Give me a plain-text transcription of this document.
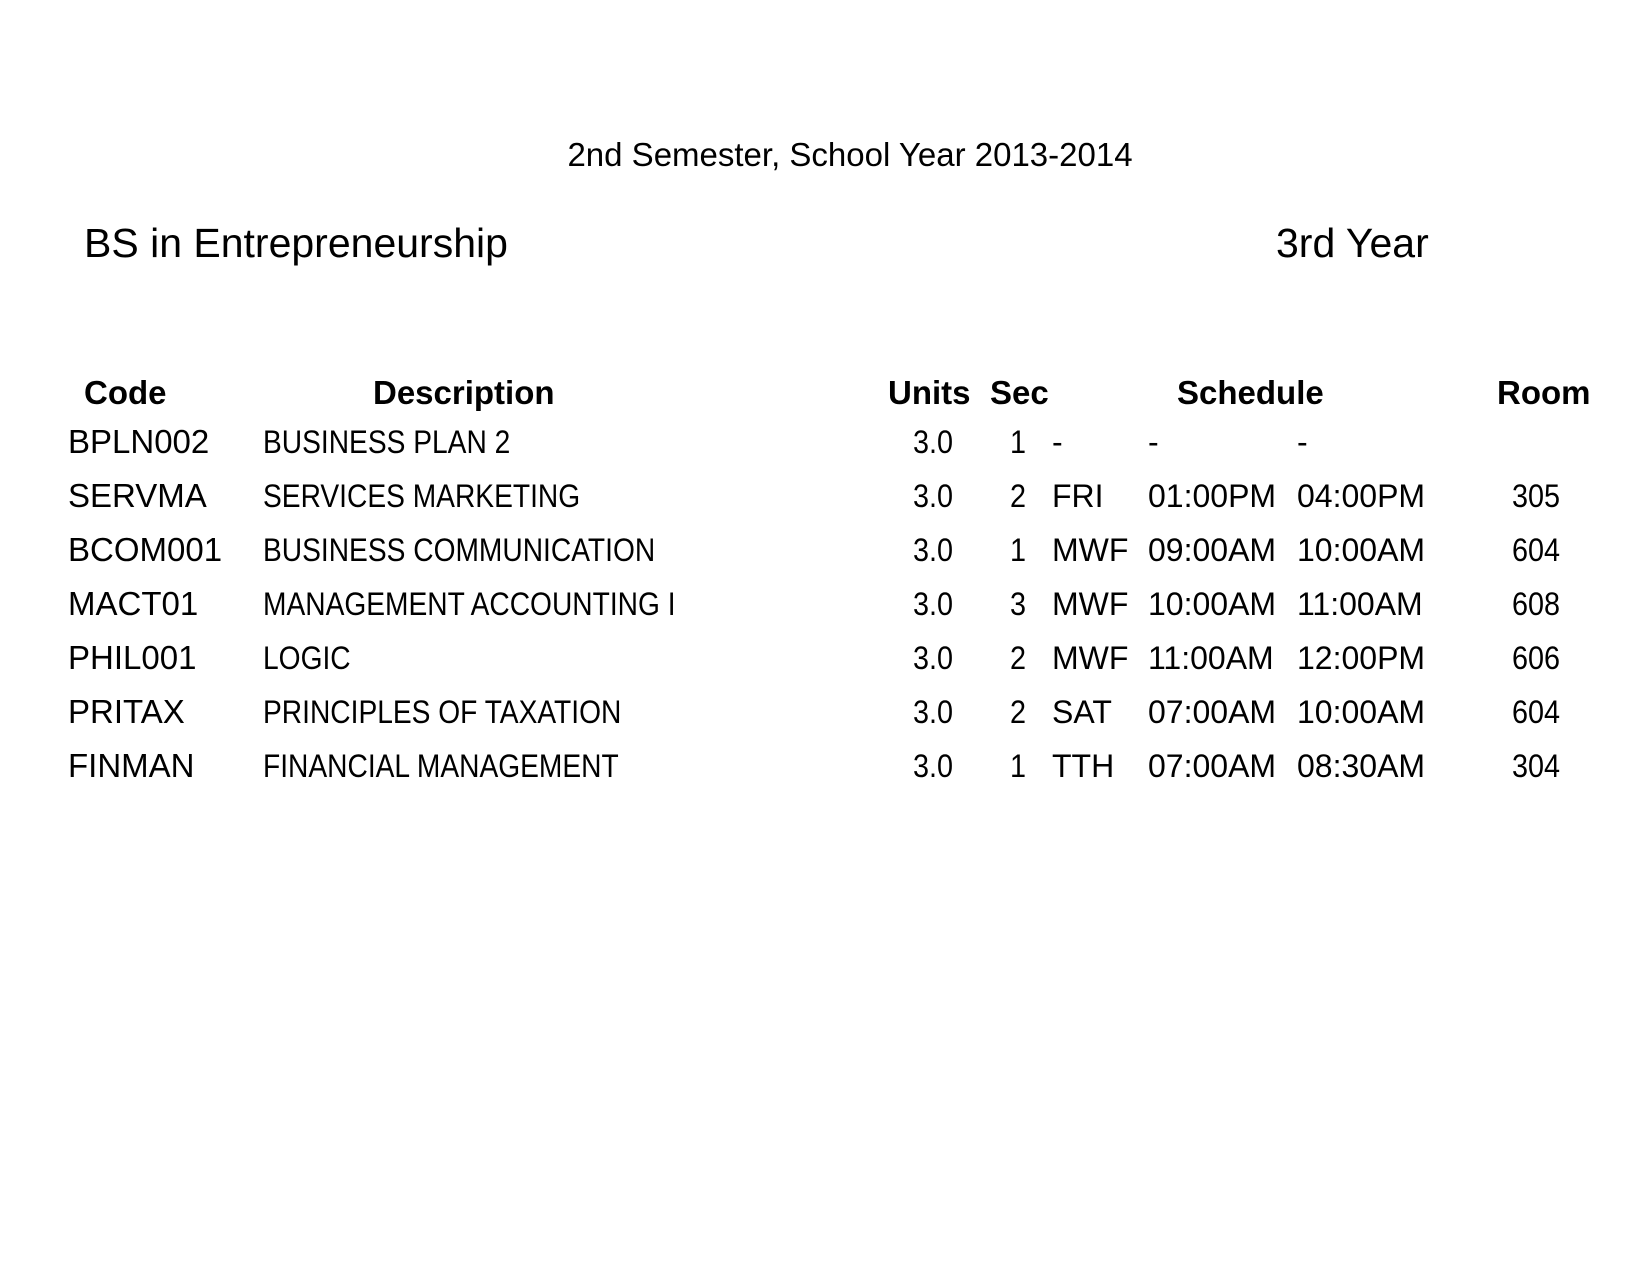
2nd Semester, School Year 2013-2014
BS in Entrepreneurship	3rd Year
Code	Description	Units Sec	Schedule	Room
BPLN002 BUSINESS PLAN 2	3.0 1 -	-	-
SERVMA SERVICES MARKETING	3.0 2 FRI 01:00PM 04:00PM	305
BCOM001 BUSINESS COMMUNICATION	3.0 1 MWF 09:00AM 10:00AM	604
MACT01 MANAGEMENT ACCOUNTING I	3.0 3 MWF 10:00AM 11:00AM	608
PHIL001 LOGIC	3.0 2 MWF 11:00AM 12:00PM	606
PRITAX PRINCIPLES OF TAXATION	3.0 2 SAT 07:00AM 10:00AM	604
FINMAN FINANCIAL MANAGEMENT	3.0 1 TTH 07:00AM 08:30AM	304
